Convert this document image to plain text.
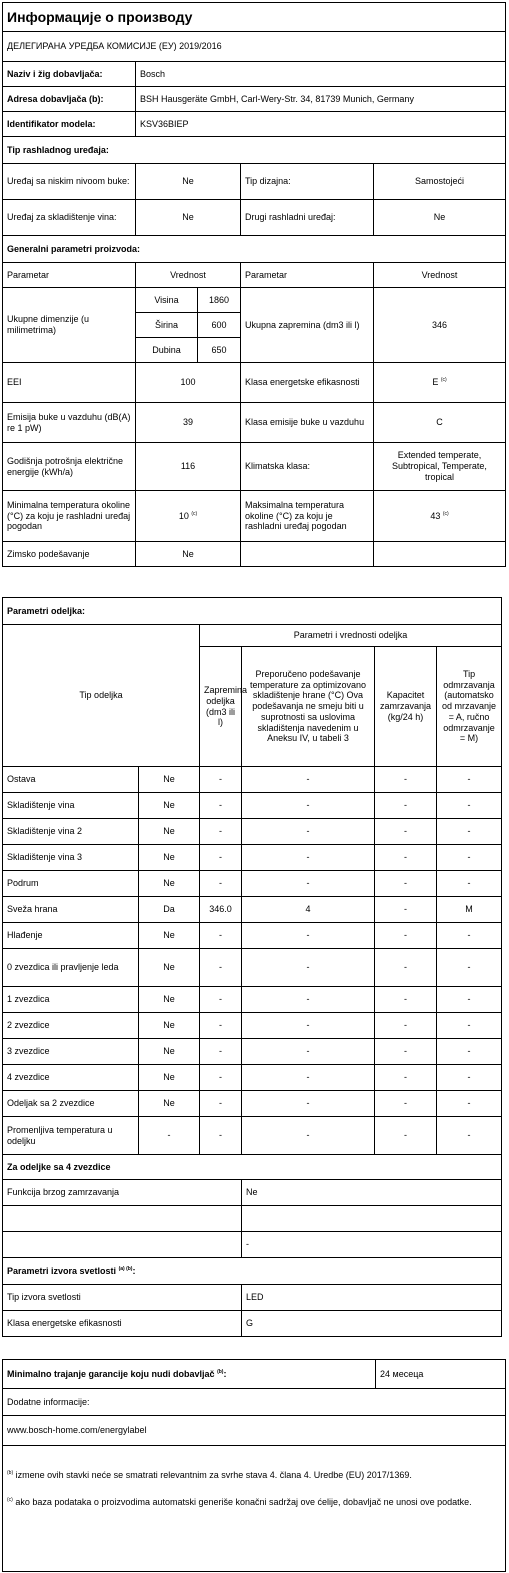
Информације о производу				
ДЕЛЕГИРАНА УРЕДБА КОМИСИЈЕ (ЕУ) 2019/2016				
Naziv i žig dobavljača:	Bosch			
Adresa dobavljača (b):	BSH Hausgeräte GmbH, Carl-Wery-Str. 34, 81739 Munich, Germany			
Identifikator modela:	KSV36BIEP			
Tip rashladnog uređaja:				
Uređaj sa niskim nivoom buke:	Ne		Tip dizajna:	Samostojeći
Uređaj za skladištenje vina:	Ne		Drugi rashladni uređaj:	Ne
Generalni parametri proizvoda:				
Parametar	Vrednost		Parametar	Vrednost
Ukupne dimenzije (u milimetrima)	Visina	1860	Ukupna zapremina (dm3 ili l)	346
	Širina	600		
	Dubina	650		
EEI	100		Klasa energetske efikasnosti	E $^{(c)}$
Emisija buke u vazduhu (dB(A) re 1 pW)	39		Klasa emisije buke u vazduhu	C
Godišnja potrošnja električne energije (kWh/a)	116		Klimatska klasa:	Extended temperate, Subtropical, Temperate, tropical
Minimalna temperatura okoline (°C) za koju je rashladni uređaj pogodan	10 $^{(c)}$		Maksimalna temperatura okoline (°C) za koju je rashladni uređaj pogodan	43 $^{(c)}$
Zimsko podešavanje	Ne			
Parametri odeljka:					
Tip odeljka		Parametri i vrednosti odeljka			
		Zapremina odeljka (dm3 ili l)	Preporučeno podešavanje temperature za optimizovano skladištenje hrane (°C) Ova podešavanja ne smeju biti u suprotnosti sa uslovima skladištenja navedenim u Aneksu IV, u tabeli 3	Kapacitet zamrzavanja (kg/24 h)	Tip odmrzavanja (automatsko od mrzavanje = A, ručno odmrzavanje = M)
Ostava	Ne	-	-	-	-
Skladištenje vina	Ne	-	-	-	-
Skladištenje vina 2	Ne	-	-	-	-
Skladištenje vina 3	Ne	-	-	-	-
Podrum	Ne	-	-	-	-
Sveža hrana	Da	346.0	4	-	M
Hlađenje	Ne	-	-	-	-
0 zvezdica ili pravljenje leda	Ne	-	-	-	-
1 zvezdica	Ne	-	-	-	-
2 zvezdice	Ne	-	-	-	-
3 zvezdice	Ne	-	-	-	-
4 zvezdice	Ne	-	-	-	-
Odeljak sa 2 zvezdice	Ne	-	-	-	-
Promenljiva temperatura u odeljku	-	-	-	-	-
Za odeljke sa 4 zvezdice					
Funkcija brzog zamrzavanja			Ne		

			-		
Parametri izvora svetlosti $^{(a) (b)}$:					
Tip izvora svetlosti			LED		
Klasa energetske efikasnosti			G		
Minimalno trajanje garancije koju nudi dobavljač $^{(b)}$:	24 месеца
Dodatne informacije:
www.bosch-home.com/energylabel

$^{(b)}$ izmene ovih stavki neće se smatrati relevantnim za svrhe stava 4. člana 4. Uredbe (EU) 2017/1369.
$^{(c)}$ ako baza podataka o proizvodima automatski generiše konačni sadržaj ove ćelije, dobavljač ne unosi ove podatke.
